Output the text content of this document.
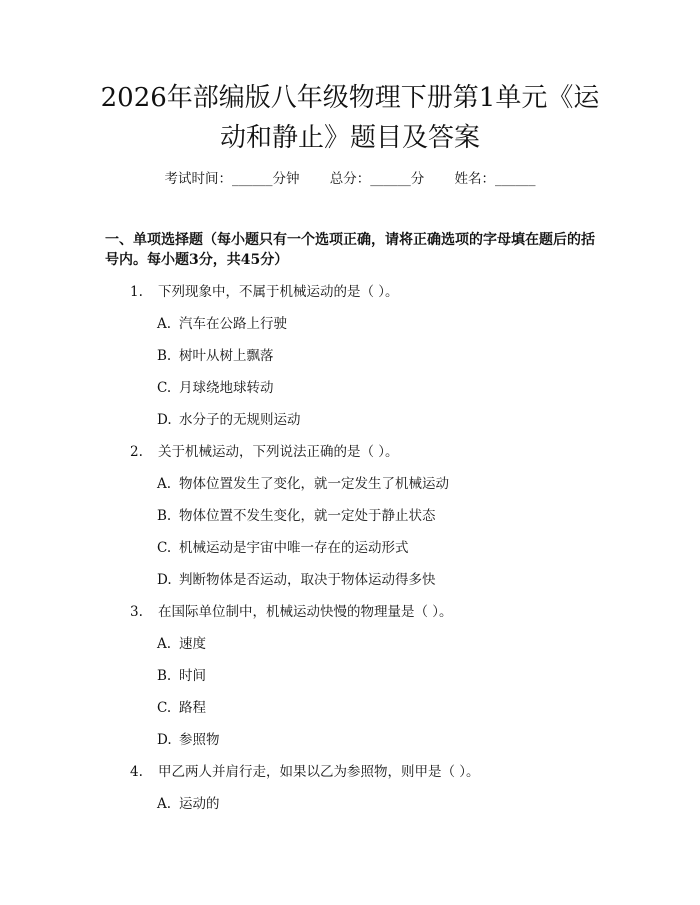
2026年部编版八年级物理下册第1单元《运
动和静止》题目及答案
考试时间：______分钟 总分：______分 姓名：______
一、单项选择题（每小题只有一个选项正确，请将正确选项的字母填在题后的括号内。每小题3分，共45分）
1. 下列现象中，不属于机械运动的是（ ）。
A. 汽车在公路上行驶
B. 树叶从树上飘落
C. 月球绕地球转动
D. 水分子的无规则运动
2. 关于机械运动，下列说法正确的是（ ）。
A. 物体位置发生了变化，就一定发生了机械运动
B. 物体位置不发生变化，就一定处于静止状态
C. 机械运动是宇宙中唯一存在的运动形式
D. 判断物体是否运动，取决于物体运动得多快
3. 在国际单位制中，机械运动快慢的物理量是（ ）。
A. 速度
B. 时间
C. 路程
D. 参照物
4. 甲乙两人并肩行走，如果以乙为参照物，则甲是（ ）。
A. 运动的
